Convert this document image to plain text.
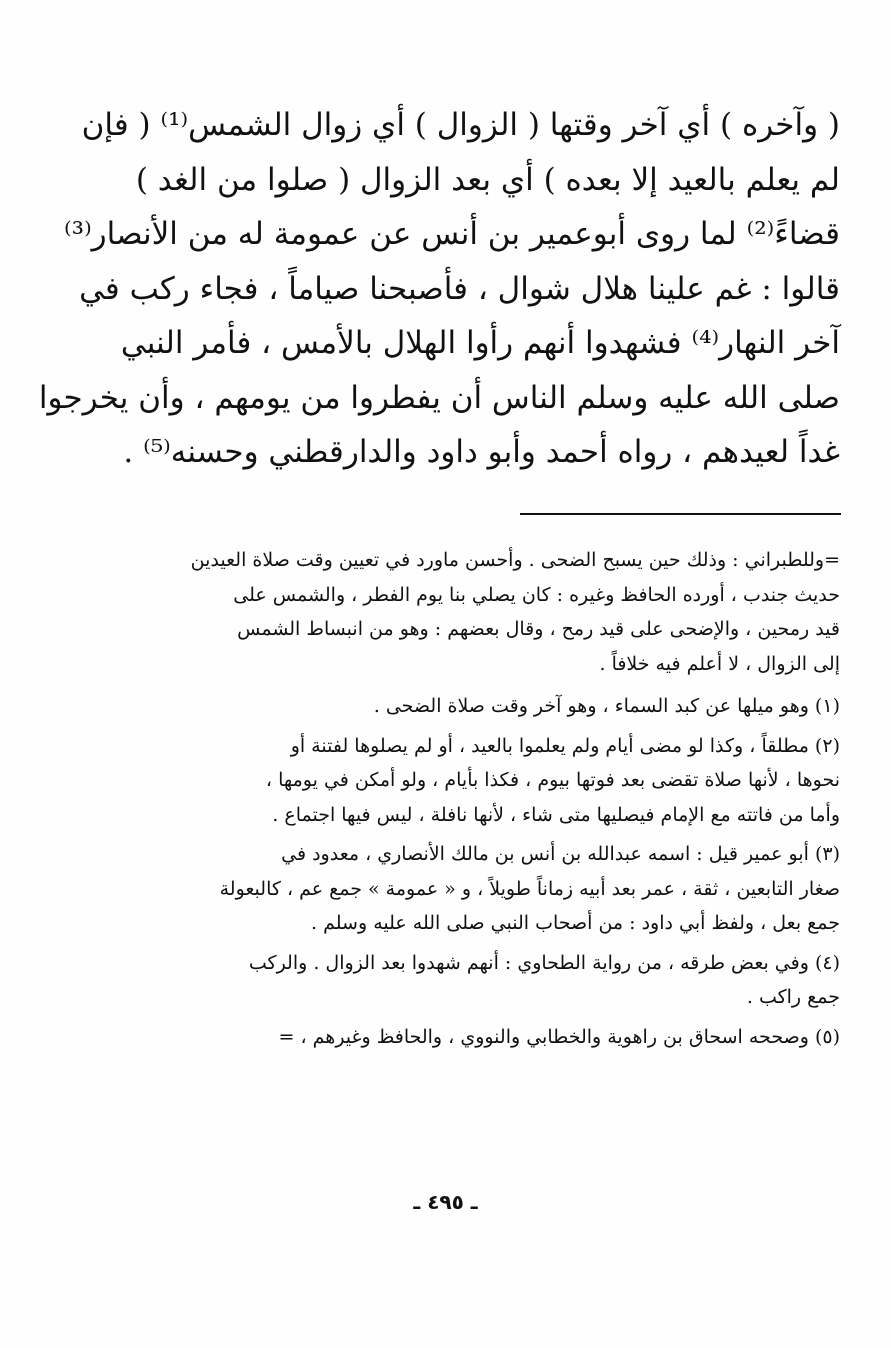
( وآخره ) أي آخر وقتها ( الزوال ) أي زوال الشمس⁽¹⁾ ( فإن
لم يعلم بالعيد إلا بعده ) أي بعد الزوال ( صلوا من الغد )
قضاءً⁽²⁾ لما روى أبوعمير بن أنس عن عمومة له من الأنصار⁽³⁾
قالوا : غم علينا هلال شوال ، فأصبحنا صياماً ، فجاء ركب في
آخر النهار⁽⁴⁾ فشهدوا أنهم رأوا الهلال بالأمس ، فأمر النبي
صلى الله عليه وسلم الناس أن يفطروا من يومهم ، وأن يخرجوا
غداً لعيدهم ، رواه أحمد وأبو داود والدارقطني وحسنه⁽⁵⁾ .
=وللطبراني : وذلك حين يسبح الضحى . وأحسن ماورد في تعيين وقت صلاة العيدين
حديث جندب ، أورده الحافظ وغيره : كان يصلي بنا يوم الفطر ، والشمس على
قيد رمحين ، والإضحى على قيد رمح ، وقال بعضهم : وهو من انبساط الشمس
إلى الزوال ، لا أعلم فيه خلافاً .
(١) وهو ميلها عن كبد السماء ، وهو آخر وقت صلاة الضحى .
(٢) مطلقاً ، وكذا لو مضى أيام ولم يعلموا بالعيد ، أو لم يصلوها لفتنة أو
نحوها ، لأنها صلاة تقضى بعد فوتها بيوم ، فكذا بأيام ، ولو أمكن في يومها ،
وأما من فاتته مع الإمام فيصليها متى شاء ، لأنها نافلة ، ليس فيها اجتماع .
(٣) أبو عمير قيل : اسمه عبدالله بن أنس بن مالك الأنصاري ، معدود في
صغار التابعين ، ثقة ، عمر بعد أبيه زماناً طويلاً ، و « عمومة » جمع عم ، كالبعولة
جمع بعل ، ولفظ أبي داود : من أصحاب النبي صلى الله عليه وسلم .
(٤) وفي بعض طرقه ، من رواية الطحاوي : أنهم شهدوا بعد الزوال . والركب
جمع راكب .
(٥) وصححه اسحاق بن راهوية والخطابي والنووي ، والحافظ وغيرهم ، =
ـ ٤٩٥ ـ
